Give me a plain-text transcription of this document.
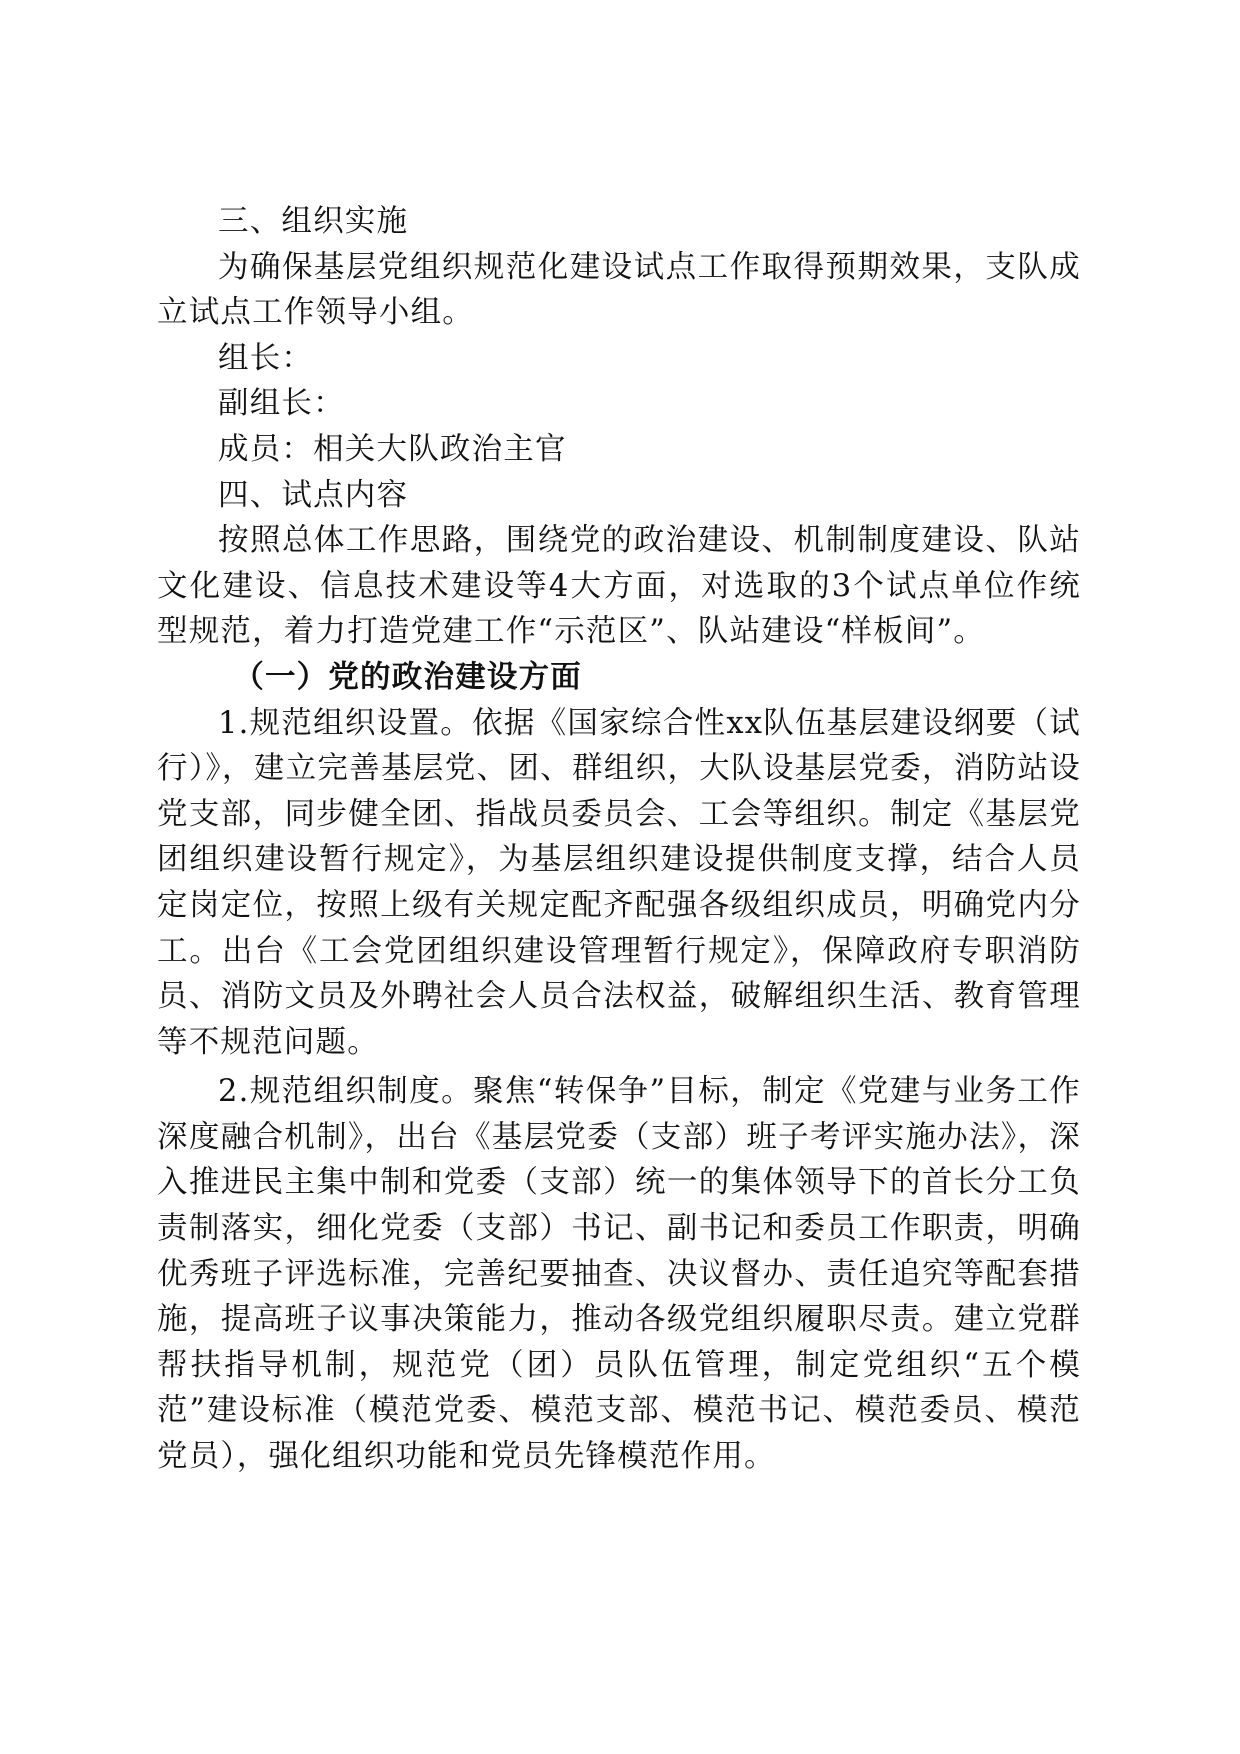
三、组织实施

为确保基层党组织规范化建设试点工作取得预期效果，支队成立试点工作领导小组。

组长：

副组长：

成员：相关大队政治主官

四、试点内容

按照总体工作思路，围绕党的政治建设、机制制度建设、队站文化建设、信息技术建设等4大方面，对选取的3个试点单位作统型规范，着力打造党建工作“示范区”、队站建设“样板间”。

（一）党的政治建设方面

1.规范组织设置。依据《国家综合性xx队伍基层建设纲要（试行）》，建立完善基层党、团、群组织，大队设基层党委，消防站设党支部，同步健全团、指战员委员会、工会等组织。制定《基层党团组织建设暂行规定》，为基层组织建设提供制度支撑，结合人员定岗定位，按照上级有关规定配齐配强各级组织成员，明确党内分工。出台《工会党团组织建设管理暂行规定》，保障政府专职消防员、消防文员及外聘社会人员合法权益，破解组织生活、教育管理等不规范问题。

2.规范组织制度。聚焦“转保争”目标，制定《党建与业务工作深度融合机制》，出台《基层党委（支部）班子考评实施办法》，深入推进民主集中制和党委（支部）统一的集体领导下的首长分工负责制落实，细化党委（支部）书记、副书记和委员工作职责，明确优秀班子评选标准，完善纪要抽查、决议督办、责任追究等配套措施，提高班子议事决策能力，推动各级党组织履职尽责。建立党群帮扶指导机制，规范党（团）员队伍管理，制定党组织“五个模范”建设标准（模范党委、模范支部、模范书记、模范委员、模范党员），强化组织功能和党员先锋模范作用。
